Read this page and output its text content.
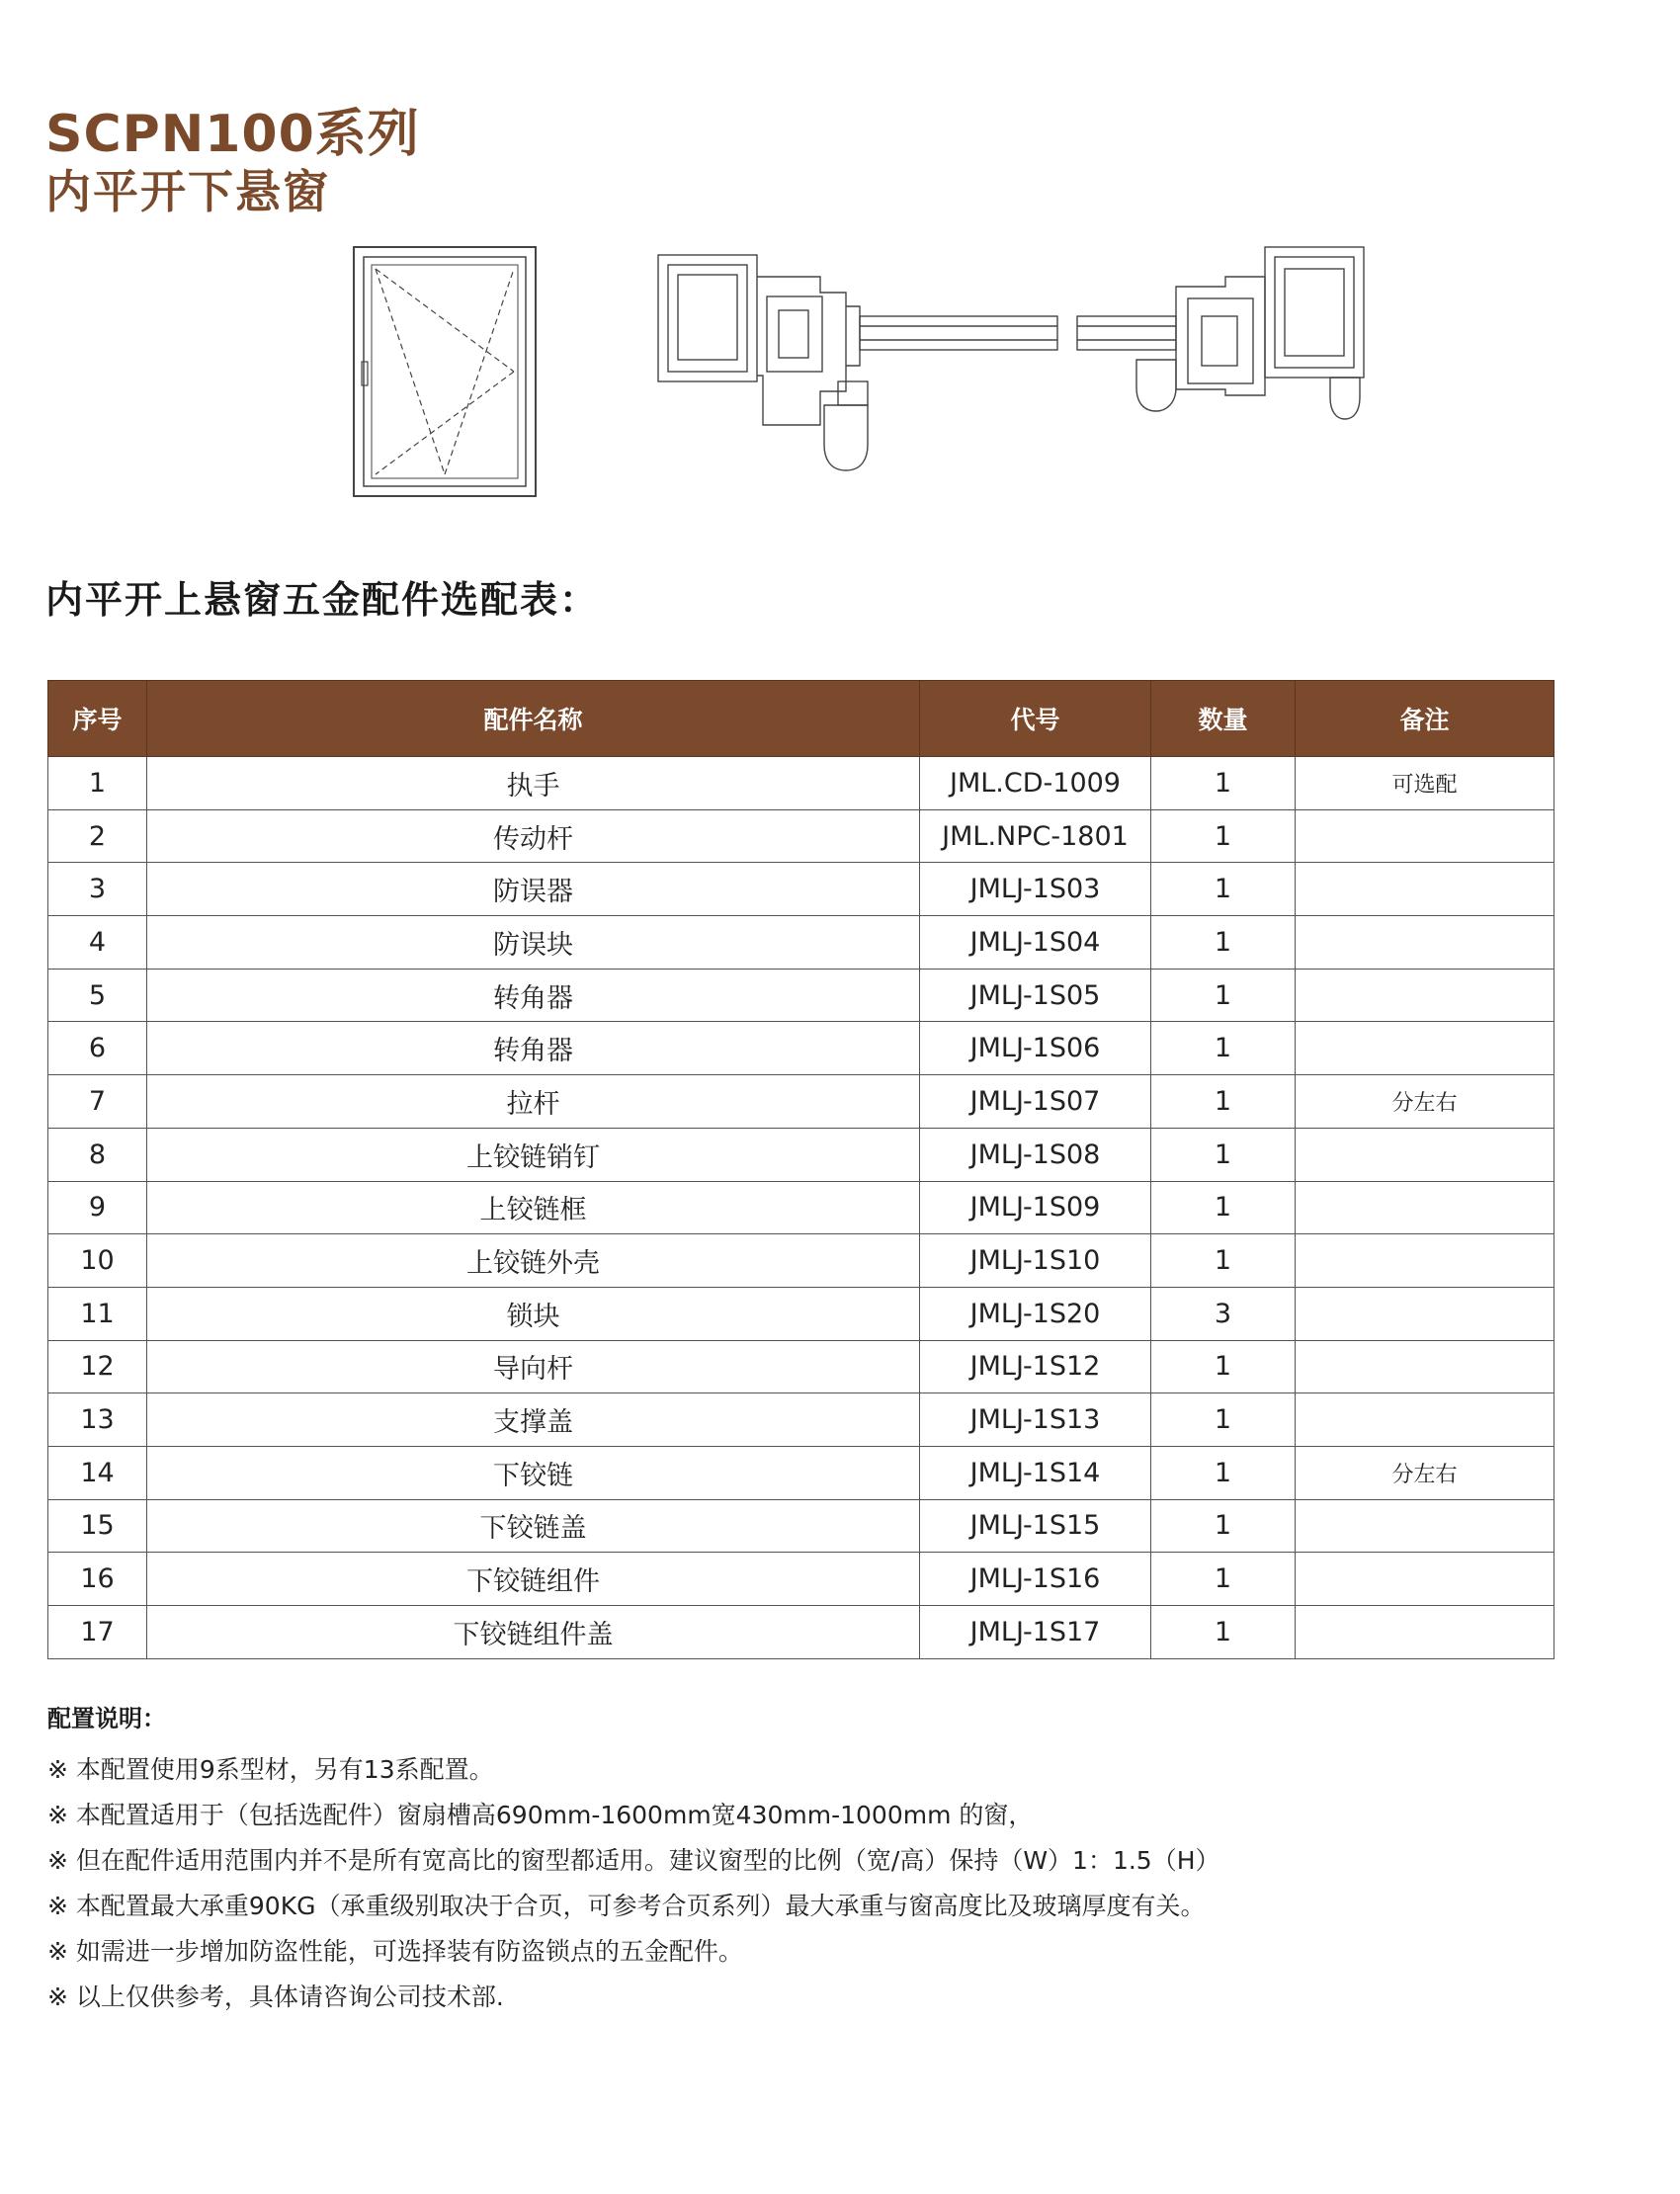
SCPN100系列
内平开下悬窗
内平开上悬窗五金配件选配表：
序号	配件名称	代号	数量	备注
1	执手	JML.CD-1009	1	可选配
2	传动杆	JML.NPC-1801	1	
3	防误器	JMLJ-1S03	1	
4	防误块	JMLJ-1S04	1	
5	转角器	JMLJ-1S05	1	
6	转角器	JMLJ-1S06	1	
7	拉杆	JMLJ-1S07	1	分左右
8	上铰链销钉	JMLJ-1S08	1	
9	上铰链框	JMLJ-1S09	1	
10	上铰链外壳	JMLJ-1S10	1	
11	锁块	JMLJ-1S20	3	
12	导向杆	JMLJ-1S12	1	
13	支撑盖	JMLJ-1S13	1	
14	下铰链	JMLJ-1S14	1	分左右
15	下铰链盖	JMLJ-1S15	1	
16	下铰链组件	JMLJ-1S16	1	
17	下铰链组件盖	JMLJ-1S17	1	
配置说明：
※ 本配置使用9系型材，另有13系配置。
※ 本配置适用于（包括选配件）窗扇槽高690mm-1600mm宽430mm-1000mm 的窗，
※ 但在配件适用范围内并不是所有宽高比的窗型都适用。建议窗型的比例（宽/高）保持（W）1：1.5（H）
※ 本配置最大承重90KG（承重级别取决于合页，可参考合页系列）最大承重与窗高度比及玻璃厚度有关。
※ 如需进一步增加防盗性能，可选择装有防盗锁点的五金配件。
※ 以上仅供参考，具体请咨询公司技术部.
